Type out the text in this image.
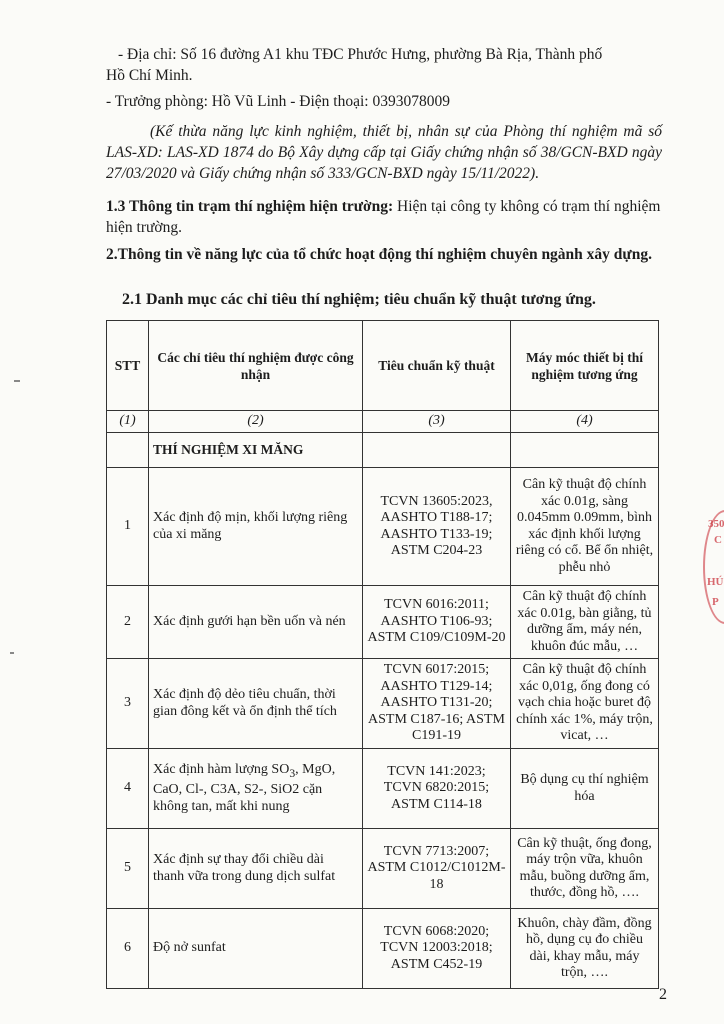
- Địa chỉ: Số 16 đường A1 khu TĐC Phước Hưng, phường Bà Rịa, Thành phố
Hồ Chí Minh.
- Trưởng phòng: Hồ Vũ Linh - Điện thoại: 0393078009
(Kế thừa năng lực kinh nghiệm, thiết bị, nhân sự của Phòng thí nghiệm mã số LAS-XD: LAS-XD 1874 do Bộ Xây dựng cấp tại Giấy chứng nhận số 38/GCN-BXD ngày 27/03/2020 và Giấy chứng nhận số 333/GCN-BXD ngày 15/11/2022).
1.3 Thông tin trạm thí nghiệm hiện trường: Hiện tại công ty không có trạm thí nghiệm hiện trường.
2.Thông tin về năng lực của tổ chức hoạt động thí nghiệm chuyên ngành xây dựng.
2.1 Danh mục các chỉ tiêu thí nghiệm; tiêu chuẩn kỹ thuật tương ứng.
STT	Các chỉ tiêu thí nghiệm được công nhận	Tiêu chuẩn kỹ thuật	Máy móc thiết bị thí nghiệm tương ứng
(1)	(2)	(3)	(4)
	THÍ NGHIỆM XI MĂNG		
1	Xác định độ mịn, khối lượng riêng của xi măng	TCVN 13605:2023, AASHTO T188-17; AASHTO T133-19; ASTM C204-23	Cân kỹ thuật độ chính xác 0.01g, sàng 0.045mm 0.09mm, bình xác định khối lượng riêng có cổ. Bể ổn nhiệt, phễu nhỏ
2	Xác định gưới hạn bền uốn và nén	TCVN 6016:2011; AASHTO T106-93; ASTM C109/C109M-20	Cân kỹ thuật độ chính xác 0.01g, bàn giằng, tủ dưỡng ẩm, máy nén, khuôn đúc mẫu, …
3	Xác định độ dẻo tiêu chuẩn, thời gian đông kết và ổn định thể tích	TCVN 6017:2015; AASHTO T129-14; AASHTO T131-20; ASTM C187-16; ASTM C191-19	Cân kỹ thuật độ chính xác 0,01g, ống đong có vạch chia hoặc buret độ chính xác 1%, máy trộn, vicat, …
4	Xác định hàm lượng $SO_3$, MgO, CaO, Cl-, C3A, S2-, SiO2 cặn không tan, mất khi nung	TCVN 141:2023; TCVN 6820:2015; ASTM C114-18	Bộ dụng cụ thí nghiệm hóa
5	Xác định sự thay đổi chiều dài thanh vữa trong dung dịch sulfat	TCVN 7713:2007; ASTM C1012/C1012M-18	Cân kỹ thuật, ống đong, máy trộn vữa, khuôn mẫu, buồng dưỡng ẩm, thước, đồng hồ, ….
6	Độ nở sunfat	TCVN 6068:2020; TCVN 12003:2018; ASTM C452-19	Khuôn, chày đầm, đồng hồ, dụng cụ đo chiều dài, khay mẫu, máy trộn, ….
350
C
HÚ
P
2
